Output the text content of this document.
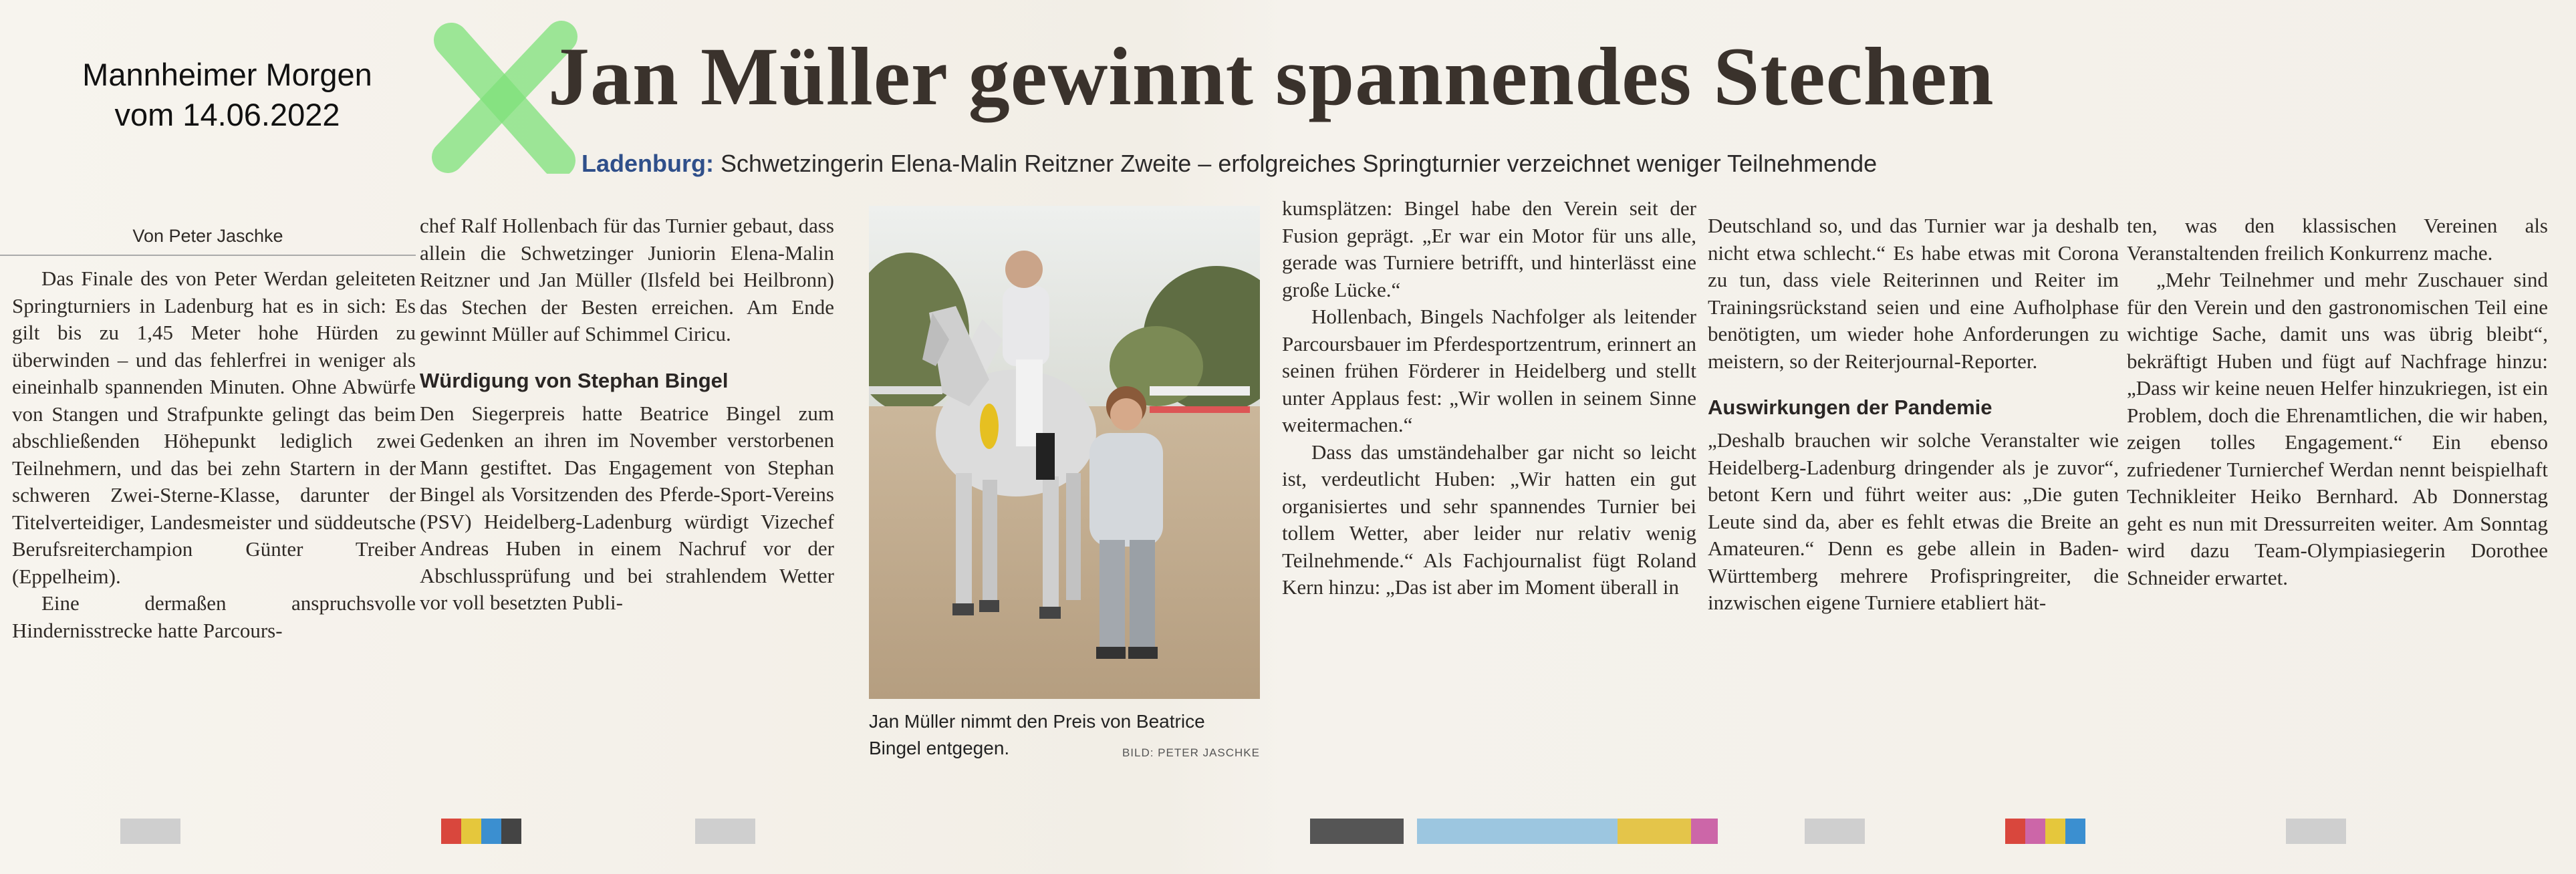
Mannheimer Morgen
vom 14.06.2022	Jan Müller gewinnt spannendes Stechen
Ladenburg: Schwetzingerin Elena-Malin Reitzner Zweite – erfolgreiches Springturnier verzeichnet weniger Teilnehmende
Von Peter Jaschke

Das Finale des von Peter Werdan geleiteten Springturniers in Ladenburg hat es in sich: Es gilt bis zu 1,45 Meter hohe Hürden zu überwinden – und das fehlerfrei in weniger als eineinhalb spannenden Minuten. Ohne Abwürfe von Stangen und Strafpunkte gelingt das beim abschließenden Höhepunkt lediglich zwei Teilnehmern, und das bei zehn Startern in der schweren Zwei-Sterne-Klasse, darunter der Titelverteidiger, Landesmeister und süddeutsche Berufsreiterchampion Günter Treiber (Eppelheim).

Eine dermaßen anspruchsvolle Hindernisstrecke hatte Parcours-

chef Ralf Hollenbach für das Turnier gebaut, dass allein die Schwetzinger Juniorin Elena-Malin Reitzner und Jan Müller (Ilsfeld bei Heilbronn) das Stechen der Besten erreichen. Am Ende gewinnt Müller auf Schimmel Ciricu.

Würdigung von Stephan Bingel

Den Siegerpreis hatte Beatrice Bingel zum Gedenken an ihren im November verstorbenen Mann gestiftet. Das Engagement von Stephan Bingel als Vorsitzenden des Pferde-Sport-Vereins (PSV) Heidelberg-Ladenburg würdigt Vizechef Andreas Huben in einem Nachruf vor der Abschlussprüfung und bei strahlendem Wetter vor voll besetzten Publi-

Jan Müller nimmt den Preis von Beatrice Bingel entgegen.	BILD: PETER JASCHKE

kumsplätzen: Bingel habe den Verein seit der Fusion geprägt. „Er war ein Motor für uns alle, gerade was Turniere betrifft, und hinterlässt eine große Lücke.“

Hollenbach, Bingels Nachfolger als leitender Parcoursbauer im Pferdesportzentrum, erinnert an seinen frühen Förderer in Heidelberg und stellt unter Applaus fest: „Wir wollen in seinem Sinne weitermachen.“

Dass das umständehalber gar nicht so leicht ist, verdeutlicht Huben: „Wir hatten ein gut organisiertes und sehr spannendes Turnier bei tollem Wetter, aber leider nur relativ wenig Teilnehmende.“ Als Fachjournalist fügt Roland Kern hinzu: „Das ist aber im Moment überall in

Deutschland so, und das Turnier war ja deshalb nicht etwa schlecht.“ Es habe etwas mit Corona zu tun, dass viele Reiterinnen und Reiter im Trainingsrückstand seien und eine Aufholphase benötigten, um wieder hohe Anforderungen zu meistern, so der Reiterjournal-Reporter.

Auswirkungen der Pandemie

„Deshalb brauchen wir solche Veranstalter wie Heidelberg-Ladenburg dringender als je zuvor“, betont Kern und führt weiter aus: „Die guten Leute sind da, aber es fehlt etwas die Breite an Amateuren.“ Denn es gebe allein in Baden-Württemberg mehrere Profispringreiter, die inzwischen eigene Turniere etabliert hät-

ten, was den klassischen Vereinen als Veranstaltenden freilich Konkurrenz mache.

„Mehr Teilnehmer und mehr Zuschauer sind für den Verein und den gastronomischen Teil eine wichtige Sache, damit uns was übrig bleibt“, bekräftigt Huben und fügt auf Nachfrage hinzu: „Dass wir keine neuen Helfer hinzukriegen, ist ein Problem, doch die Ehrenamtlichen, die wir haben, zeigen tolles Engagement.“ Ein ebenso zufriedener Turnierchef Werdan nennt beispielhaft Technikleiter Heiko Bernhard. Ab Donnerstag geht es nun mit Dressurreiten weiter. Am Sonntag wird dazu Team-Olympiasiegerin Dorothee Schneider erwartet.
